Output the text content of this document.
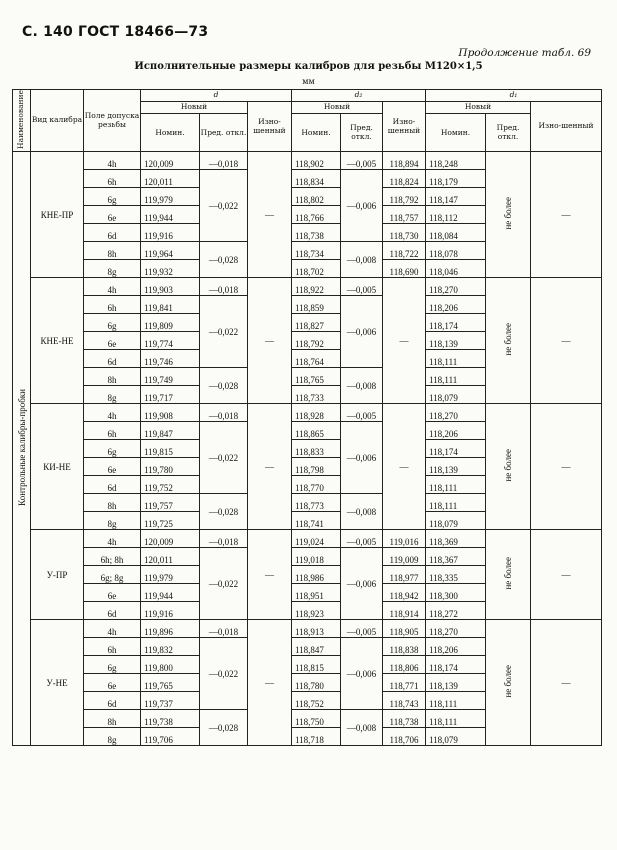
С. 140 ГОСТ 18466—73
Продолжение табл. 69
Исполнительные размеры калибров для резьбы М120×1,5
мм
Наименование	Вид калибра	Поле допуска резьбы	d			d₂			d₁		
			Новый		Изно-шенный	Новый		Изно-шенный	Новый		Изно-шенный
			Номин.	Пред. откл.		Номин.	Пред. откл.		Номин.	Пред. откл.	
Контрольные калибры-пробки	КНЕ-ПР	4h	120,009	—0,018	—	118,902	—0,005	118,894	118,248	не более	—
		6h	120,011	—0,022		118,834	—0,006	118,824	118,179		
		6g	119,979			118,802		118,792	118,147		
		6e	119,944			118,766		118,757	118,112		
		6d	119,916			118,738		118,730	118,084		
		8h	119,964	—0,028		118,734	—0,008	118,722	118,078		
		8g	119,932			118,702		118,690	118,046		
	КНЕ-НЕ	4h	119,903	—0,018	—	118,922	—0,005	—	118,270	не более	—
		6h	119,841	—0,022		118,859	—0,006		118,206		
		6g	119,809			118,827			118,174		
		6e	119,774			118,792			118,139		
		6d	119,746			118,764			118,111		
		8h	119,749	—0,028		118,765	—0,008		118,111		
		8g	119,717			118,733			118,079		
	КИ-НЕ	4h	119,908	—0,018	—	118,928	—0,005	—	118,270	не более	—
		6h	119,847	—0,022		118,865	—0,006		118,206		
		6g	119,815			118,833			118,174		
		6e	119,780			118,798			118,139		
		6d	119,752			118,770			118,111		
		8h	119,757	—0,028		118,773	—0,008		118,111		
		8g	119,725			118,741			118,079		
	У-ПР	4h	120,009	—0,018	—	119,024	—0,005	119,016	118,369	не более	—
		6h; 8h	120,011	—0,022		119,018	—0,006	119,009	118,367		
		6g; 8g	119,979			118,986		118,977	118,335		
		6e	119,944			118,951		118,942	118,300		
		6d	119,916			118,923		118,914	118,272		
	У-НЕ	4h	119,896	—0,018	—	118,913	—0,005	118,905	118,270	не более	—
		6h	119,832	—0,022		118,847	—0,006	118,838	118,206		
		6g	119,800			118,815		118,806	118,174		
		6e	119,765			118,780		118,771	118,139		
		6d	119,737			118,752		118,743	118,111		
		8h	119,738	—0,028		118,750	—0,008	118,738	118,111		
		8g	119,706			118,718		118,706	118,079		
